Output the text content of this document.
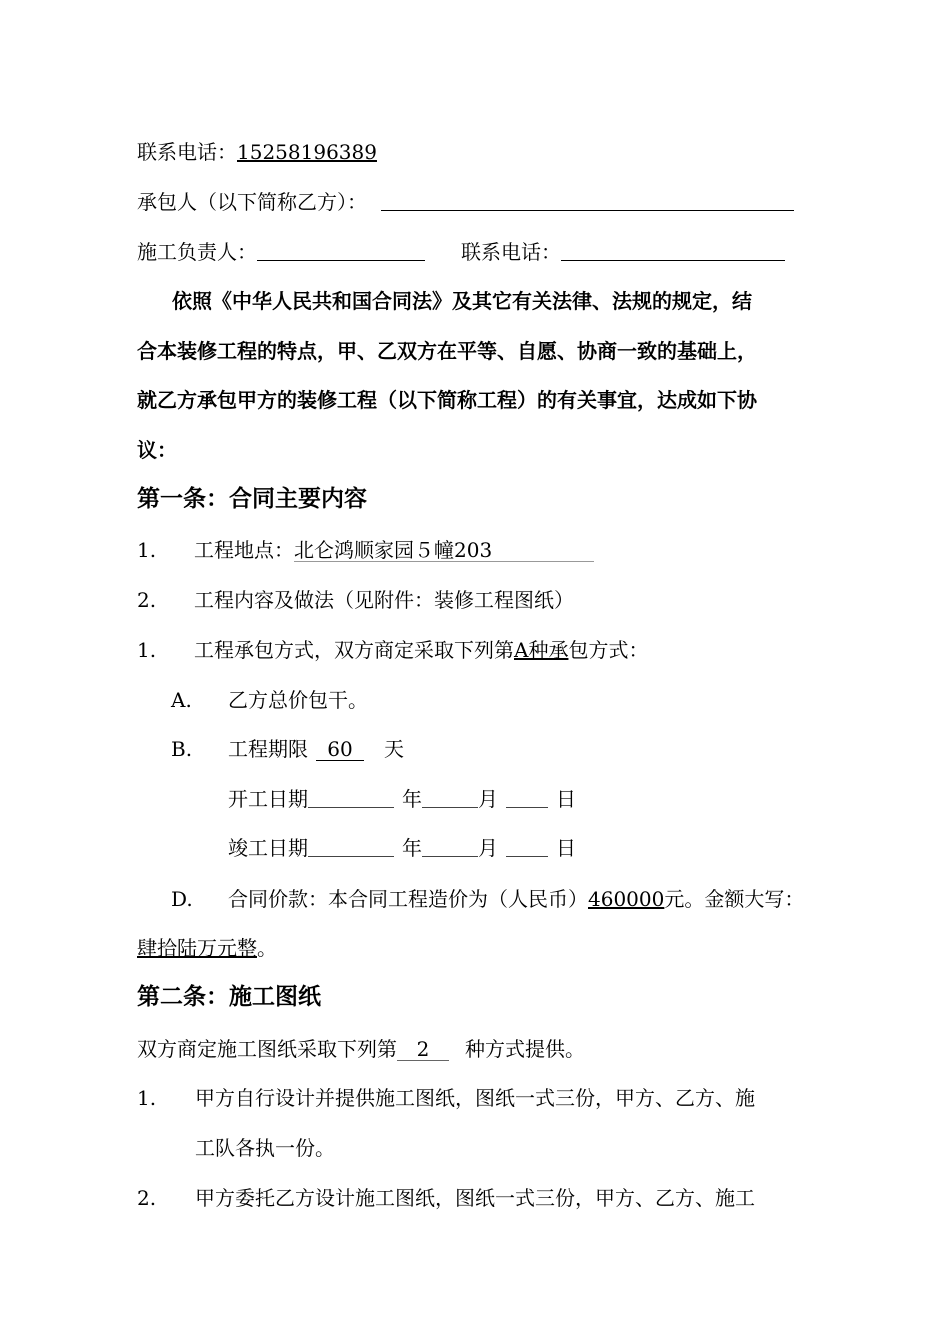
联系电话：15258196389
承包人（以下简称乙方）：
施工负责人：	联系电话：
依照《中华人民共和国合同法》及其它有关法律、法规的规定，结
合本装修工程的特点，甲、乙双方在平等、自愿、协商一致的基础上，
就乙方承包甲方的装修工程（以下简称工程）的有关事宜，达成如下协
议：
第一条：合同主要内容
1. 工程地点：北仑鸿顺家园５幢203
2. 工程内容及做法（见附件：装修工程图纸）
1. 工程承包方式，双方商定采取下列第A种承包方式：
A. 乙方总价包干。
B. 工程期限 60 天
开工日期	年	月	日
竣工日期	年	月	日
D. 合同价款：本合同工程造价为（人民币）460000元。金额大写：
肆拾陆万元整。
第二条：施工图纸
双方商定施工图纸采取下列第 2 种方式提供。
1. 甲方自行设计并提供施工图纸，图纸一式三份，甲方、乙方、施
工队各执一份。
2. 甲方委托乙方设计施工图纸，图纸一式三份，甲方、乙方、施工
